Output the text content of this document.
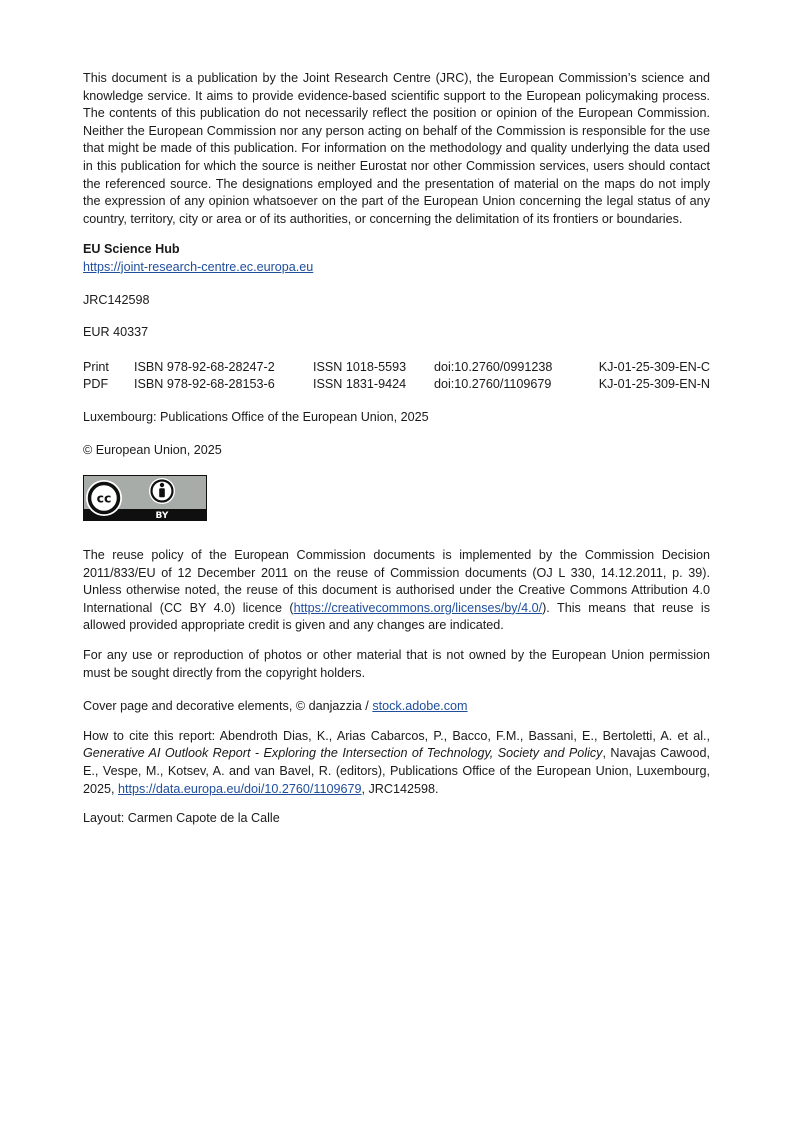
This document is a publication by the Joint Research Centre (JRC), the European Commission’s science and knowledge service. It aims to provide evidence-based scientific support to the European policymaking process. The contents of this publication do not necessarily reflect the position or opinion of the European Commission. Neither the European Commission nor any person acting on behalf of the Commission is responsible for the use that might be made of this publication. For information on the methodology and quality underlying the data used in this publication for which the source is neither Eurostat nor other Commission services, users should contact the referenced source. The designations employed and the presentation of material on the maps do not imply the expression of any opinion whatsoever on the part of the European Union concerning the legal status of any country, territory, city or area or of its authorities, or concerning the delimitation of its frontiers or boundaries.

EU Science Hub

https://joint-research-centre.ec.europa.eu

JRC142598

EUR 40337

Print	ISBN 978-92-68-28247-2	ISSN 1018-5593	doi:10.2760/0991238	KJ-01-25-309-EN-C
PDF	ISBN 978-92-68-28153-6	ISSN 1831-9424	doi:10.2760/1109679	KJ-01-25-309-EN-N

Luxembourg: Publications Office of the European Union, 2025

© European Union, 2025

cc
BY

The reuse policy of the European Commission documents is implemented by the Commission Decision 2011/833/EU of 12 December 2011 on the reuse of Commission documents (OJ L 330, 14.12.2011, p. 39). Unless otherwise noted, the reuse of this document is authorised under the Creative Commons Attribution 4.0 International (CC BY 4.0) licence (https://creativecommons.org/licenses/by/4.0/). This means that reuse is allowed provided appropriate credit is given and any changes are indicated.

For any use or reproduction of photos or other material that is not owned by the European Union permission must be sought directly from the copyright holders.

Cover page and decorative elements, © danjazzia / stock.adobe.com

How to cite this report: Abendroth Dias, K., Arias Cabarcos, P., Bacco, F.M., Bassani, E., Bertoletti, A. et al., Generative AI Outlook Report - Exploring the Intersection of Technology, Society and Policy, Navajas Cawood, E., Vespe, M., Kotsev, A. and van Bavel, R. (editors), Publications Office of the European Union, Luxembourg, 2025, https://data.europa.eu/doi/10.2760/1109679, JRC142598.

Layout: Carmen Capote de la Calle
